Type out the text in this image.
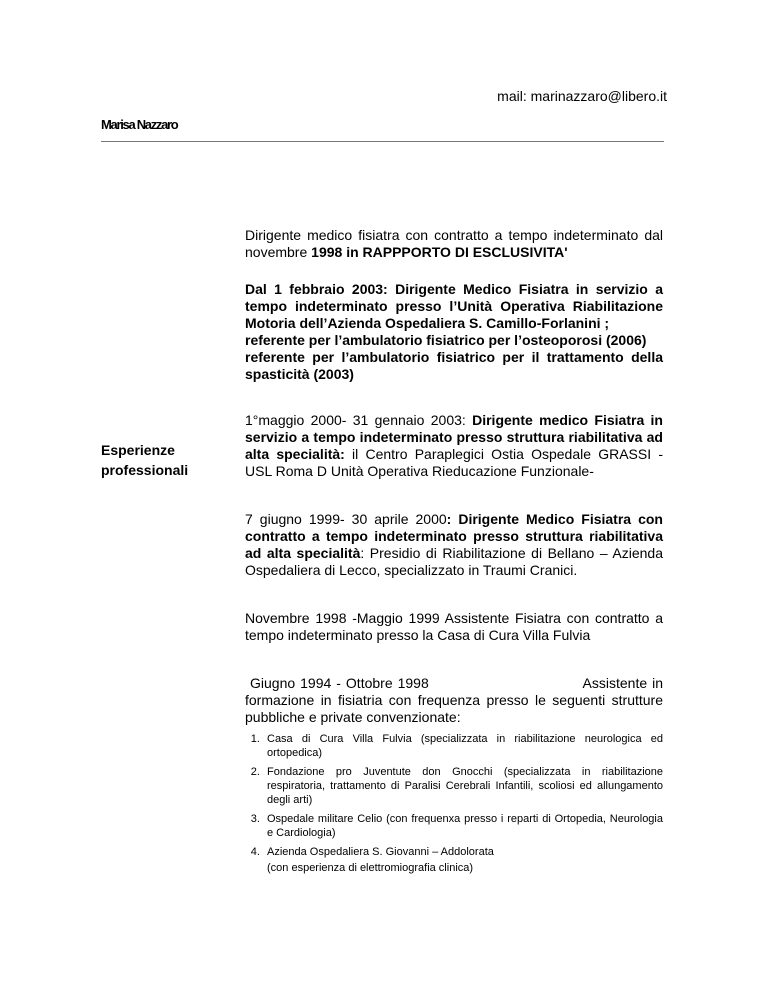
mail: marinazzaro@libero.it
Marisa Nazzaro
Esperienze
professionali

Dirigente medico fisiatra con contratto a tempo indeterminato dal novembre 1998 in RAPPPORTO DI ESCLUSIVITA'

Dal 1 febbraio 2003: Dirigente Medico Fisiatra in servizio a tempo indeterminato presso l’Unità Operativa Riabilitazione Motoria dell’Azienda Ospedaliera S. Camillo-Forlanini ;
referente per l’ambulatorio fisiatrico per l’osteoporosi (2006)
referente per l’ambulatorio fisiatrico per il trattamento della spasticità (2003)

1°maggio 2000- 31 gennaio 2003: Dirigente medico Fisiatra in servizio a tempo indeterminato presso struttura riabilitativa ad alta specialità: il Centro Paraplegici Ostia Ospedale GRASSI - USL Roma D Unità Operativa Rieducazione Funzionale-

7 giugno 1999- 30 aprile 2000: Dirigente Medico Fisiatra con contratto a tempo indeterminato presso struttura riabilitativa ad alta specialità: Presidio di Riabilitazione di Bellano – Azienda Ospedaliera di Lecco, specializzato in Traumi Cranici.

Novembre 1998 -Maggio 1999 Assistente Fisiatra con contratto a tempo indeterminato presso la Casa di Cura Villa Fulvia

Giugno 1994 - Ottobre 1998                               Assistente in formazione in fisiatria con frequenza presso le seguenti strutture pubbliche e private convenzionate:

1. Casa di Cura Villa Fulvia (specializzata in riabilitazione neurologica ed ortopedica)
2. Fondazione pro Juventute don Gnocchi (specializzata in riabilitazione respiratoria, trattamento di Paralisi Cerebrali Infantili, scoliosi ed allungamento degli arti)
3. Ospedale militare Celio (con frequenxa presso i reparti di Ortopedia, Neurologia e Cardiologia)
4. Azienda Ospedaliera S. Giovanni – Addolorata
(con esperienza di elettromiografia clinica)
